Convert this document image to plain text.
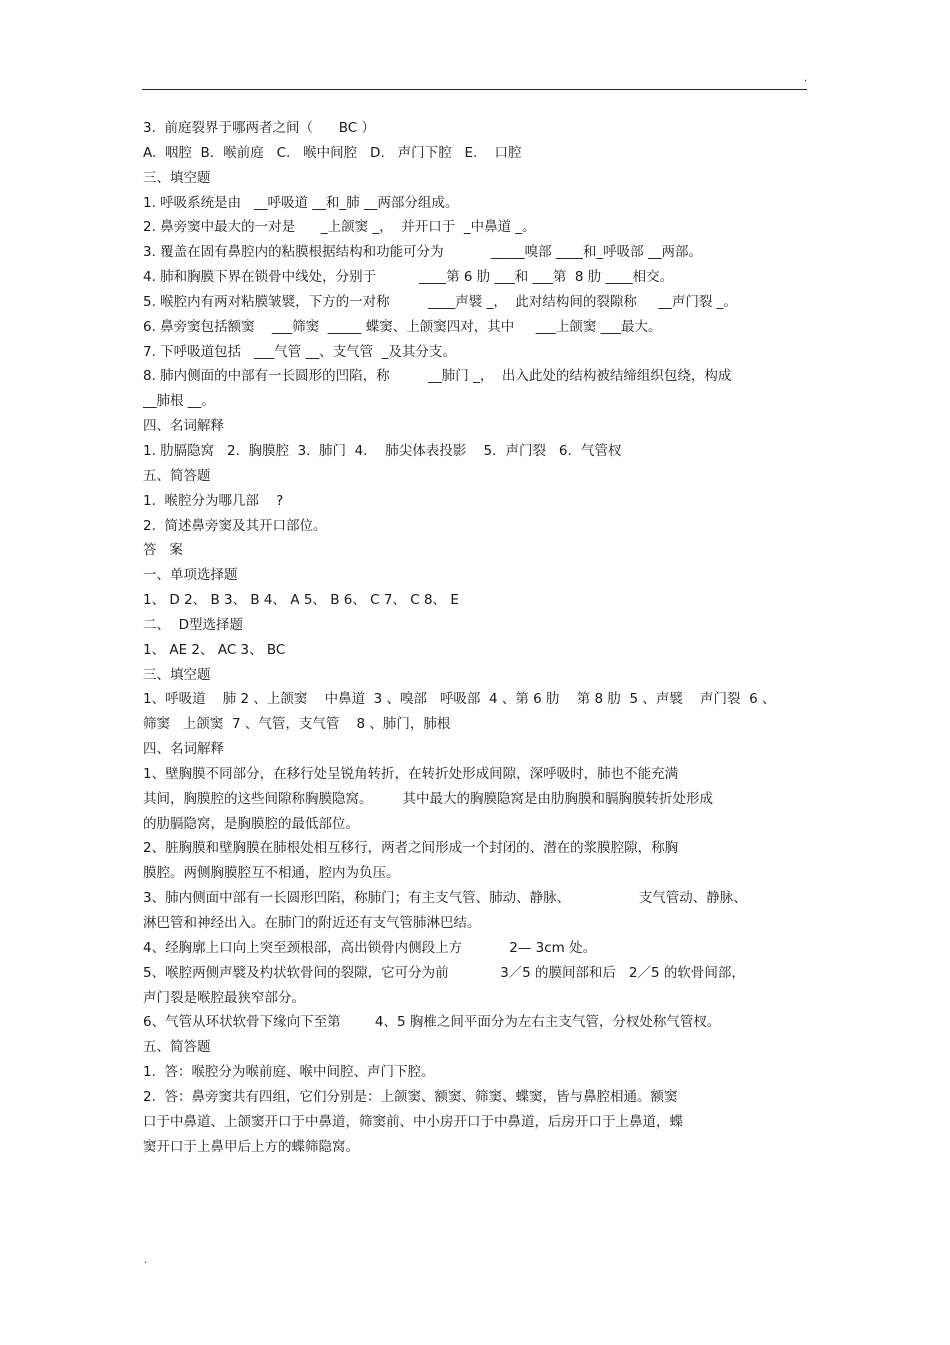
.
3.  前庭裂界于哪两者之间（      BC ）
A.  咽腔  B．喉前庭   C.   喉中间腔   D.   声门下腔   E.    口腔
三、填空题
1. 呼吸系统是由   __呼吸道 __和_肺 __两部分组成。
2. 鼻旁窦中最大的一对是      _上颌窦 _，  并开口于  _中鼻道 _。
3. 覆盖在固有鼻腔内的粘膜根据结构和功能可分为           _____嗅部 ____和_呼吸部 __两部。
4. 肺和胸膜下界在锁骨中线处，分别于          ____第 6 肋 ___和 ___第  8 肋 ____相交。
5. 喉腔内有两对粘膜皱襞，下方的一对称         ____声襞 _，  此对结构间的裂隙称     __声门裂 _。
6. 鼻旁窦包括额窦    ___筛窦  _____ 蝶窦、上颌窦四对，其中     ___上颌窦 ___最大。
7. 下呼吸道包括   ___气管 __、支气管  _及其分支。
8. 肺内侧面的中部有一长圆形的凹陷，称         __肺门 _，  出入此处的结构被结缔组织包绕，构成
__肺根 __。
四、名词解释
1. 肋膈隐窝   2.  胸膜腔  3.  肺门  4．  肺尖体表投影    5．声门裂   6．气管杈
五、简答题
1.  喉腔分为哪几部    ?
2.  简述鼻旁窦及其开口部位。
答   案
一、单项选择题
1、 D 2、 B 3、 B 4、 A 5、 B 6、 C 7、 C 8、 E
二、  D型选择题
1、 AE 2、 AC 3、 BC
三、填空题
1、呼吸道    肺 2 、上颌窦    中鼻道  3 、嗅部   呼吸部  4 、第 6 肋    第 8 肋  5 、声襞    声门裂  6 、
筛窦   上颌窦  7 、气管，支气管    8 、肺门，肺根
四、名词解释
1、壁胸膜不同部分，在移行处呈锐角转折，在转折处形成间隙，深呼吸时，肺也不能充满
其间，胸膜腔的这些间隙称胸膜隐窝。       其中最大的胸膜隐窝是由肋胸膜和膈胸膜转折处形成
的肋膈隐窝，是胸膜腔的最低部位。
2、脏胸膜和壁胸膜在肺根处相互移行，两者之间形成一个封闭的、潜在的浆膜腔隙，称胸
膜腔。两侧胸膜腔互不相通，腔内为负压。
3、肺内侧面中部有一长圆形凹陷，称肺门；有主支气管、肺动、静脉、                支气管动、静脉、
淋巴管和神经出入。在肺门的附近还有支气管肺淋巴结。
4、经胸廓上口向上突至颈根部，高出锁骨内侧段上方           2— 3cm 处。
5、喉腔两侧声襞及杓状软骨间的裂隙，它可分为前            3／5 的膜间部和后   2／5 的软骨间部，
声门裂是喉腔最狭窄部分。
6、气管从环状软骨下缘向下至第        4、5 胸椎之间平面分为左右主支气管，分杈处称气管杈。
五、简答题
1.  答：喉腔分为喉前庭、喉中间腔、声门下腔。
2.  答：鼻旁窦共有四组，它们分别是：上颌窦、额窦、筛窦、蝶窦，皆与鼻腔相通。额窦
口于中鼻道、上颌窦开口于中鼻道，筛窦前、中小房开口于中鼻道，后房开口于上鼻道，蝶
窦开口于上鼻甲后上方的蝶筛隐窝。
.
